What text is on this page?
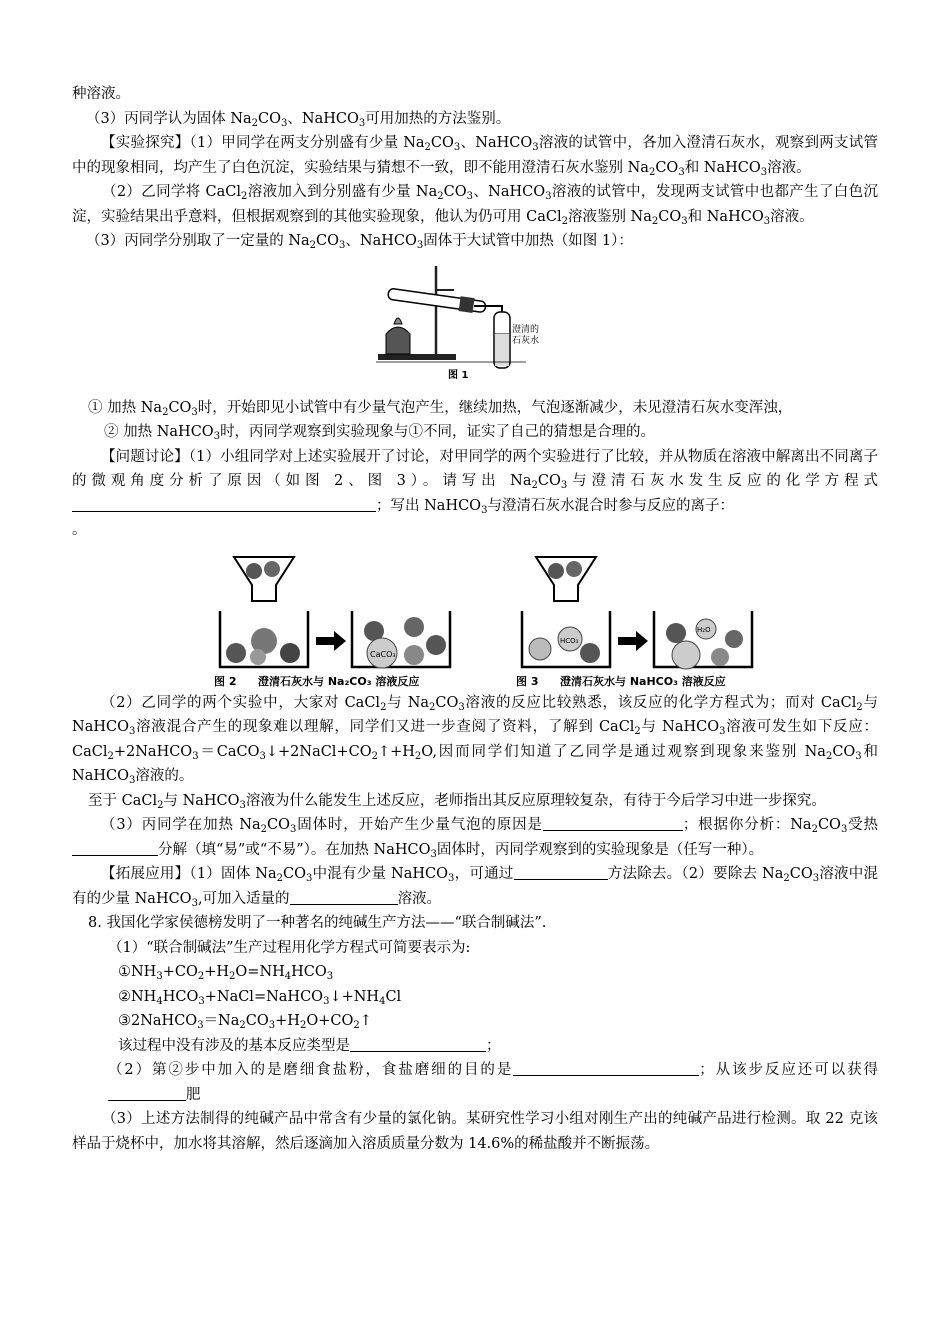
种溶液。

（3）丙同学认为固体 $Na_2CO_3$、NaHCO$_3$可用加热的方法鉴别。

【实验探究】（1）甲同学在两支分别盛有少量 $Na_2CO_3$、NaHCO$_3$溶液的试管中，各加入澄清石灰水，观察到两支试管中的现象相同，均产生了白色沉淀，实验结果与猜想不一致，即不能用澄清石灰水鉴别 $Na_2CO_3$和 NaHCO$_3$溶液。

（2）乙同学将 CaCl$_2$溶液加入到分别盛有少量 $Na_2CO_3$、NaHCO$_3$溶液的试管中，发现两支试管中也都产生了白色沉淀，实验结果出乎意料，但根据观察到的其他实验现象，他认为仍可用 CaCl$_2$溶液鉴别 $Na_2CO_3$和 NaHCO$_3$溶液。

（3）丙同学分别取了一定量的 $Na_2CO_3$、NaHCO$_3$固体于大试管中加热（如图 1）：

澄清的
石灰水
图 1

① 加热 $Na_2CO_3$时，开始即见小试管中有少量气泡产生，继续加热，气泡逐渐减少，未见澄清石灰水变浑浊，

② 加热 NaHCO$_3$时，丙同学观察到实验现象与①不同，证实了自己的猜想是合理的。

【问题讨论】（1）小组同学对上述实验展开了讨论，对甲同学的两个实验进行了比较，并从物质在溶液中解离出不同离子的微观角度分析了原因（如图 2、图 3）。请写出 $Na_2CO_3$与澄清石灰水发生反应的化学方程式；写出 NaHCO$_3$与澄清石灰水混合时参与反应的离子：

。

CaCO₃
图 2 澄清石灰水与 Na₂CO₃ 溶液反应
HCO₃
H₂O
图 3 澄清石灰水与 NaHCO₃ 溶液反应

（2）乙同学的两个实验中，大家对 CaCl$_2$与 $Na_2CO_3$溶液的反应比较熟悉，该反应的化学方程式为；而对 CaCl$_2$与 NaHCO$_3$溶液混合产生的现象难以理解，同学们又进一步查阅了资料，了解到 CaCl$_2$与 NaHCO$_3$溶液可发生如下反应：$CaCl_2+2NaHCO_3=CaCO_3↓+2NaCl+CO_2↑+H_2O$,因而同学们知道了乙同学是通过观察到现象来鉴别 $Na_2CO_3$和 NaHCO$_3$溶液的。

至于 CaCl$_2$与 NaHCO$_3$溶液为什么能发生上述反应，老师指出其反应原理较复杂，有待于今后学习中进一步探究。

（3）丙同学在加热 $Na_2CO_3$固体时，开始产生少量气泡的原因是	；根据你分析：$Na_2CO_3$受热分解（填“易”或“不易”）。在加热 NaHCO$_3$固体时，丙同学观察到的实验现象是（任写一种）。

【拓展应用】（1）固体 $Na_2CO_3$中混有少量 NaHCO$_3$，可通过	方法除去。（2）要除去 $Na_2CO_3$溶液中混有的少量 NaHCO$_3$,可加入适量的	溶液。

8. 我国化学家侯德榜发明了一种著名的纯碱生产方法——“联合制碱法”.

（1）“联合制碱法”生产过程用化学方程式可简要表示为:

$①NH_3+CO_2+H_2O=NH_4HCO_3$

$②NH_4HCO_3+NaCl=NaHCO_3↓+NH_4Cl$

$③2NaHCO_3=Na_2CO_3+H_2O+CO_2↑$

该过程中没有涉及的基本反应类型是	；

（2）第②步中加入的是磨细食盐粉，食盐磨细的目的是	；从该步反应还可以获得肥

（3）上述方法制得的纯碱产品中常含有少量的氯化钠。某研究性学习小组对刚生产出的纯碱产品进行检测。取 22 克该样品于烧杯中，加水将其溶解，然后逐滴加入溶质质量分数为 14.6%的稀盐酸并不断振荡。
